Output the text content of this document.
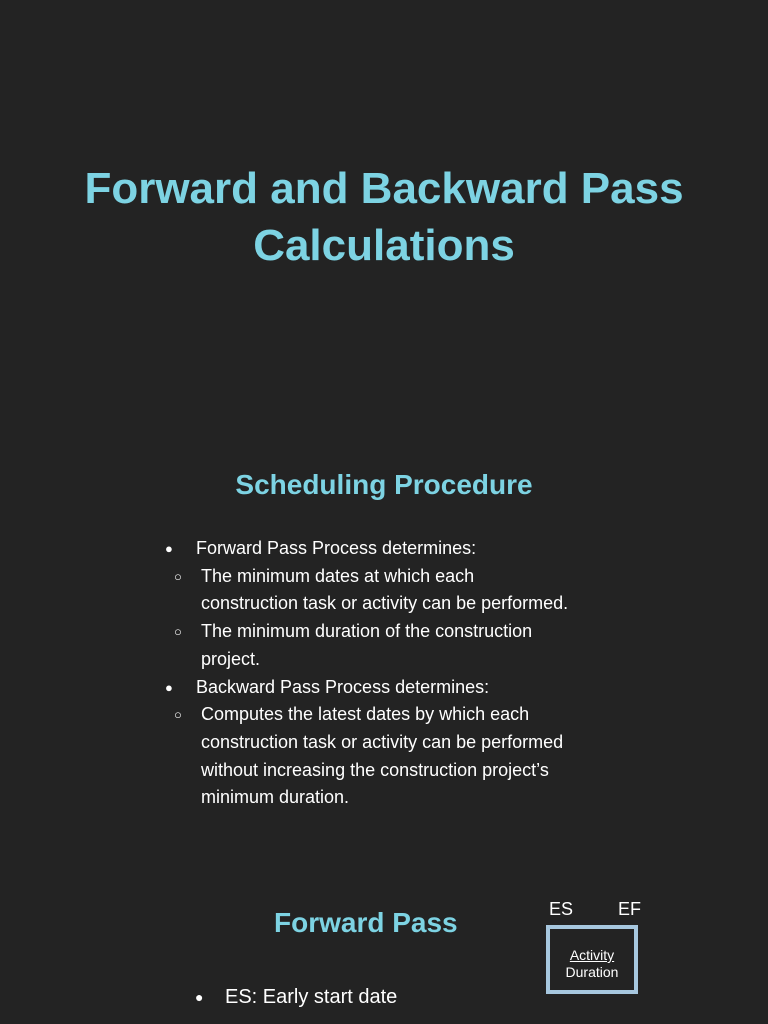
Forward and Backward Pass
Calculations
Scheduling Procedure
● Forward Pass Process determines:
○ The minimum dates at which each
construction task or activity can be performed.
○ The minimum duration of the construction
project.
● Backward Pass Process determines:
○ Computes the latest dates by which each
construction task or activity can be performed
without increasing the construction project’s
minimum duration.
Forward Pass	ES EF
Activity
Duration
● ES: Early start date
